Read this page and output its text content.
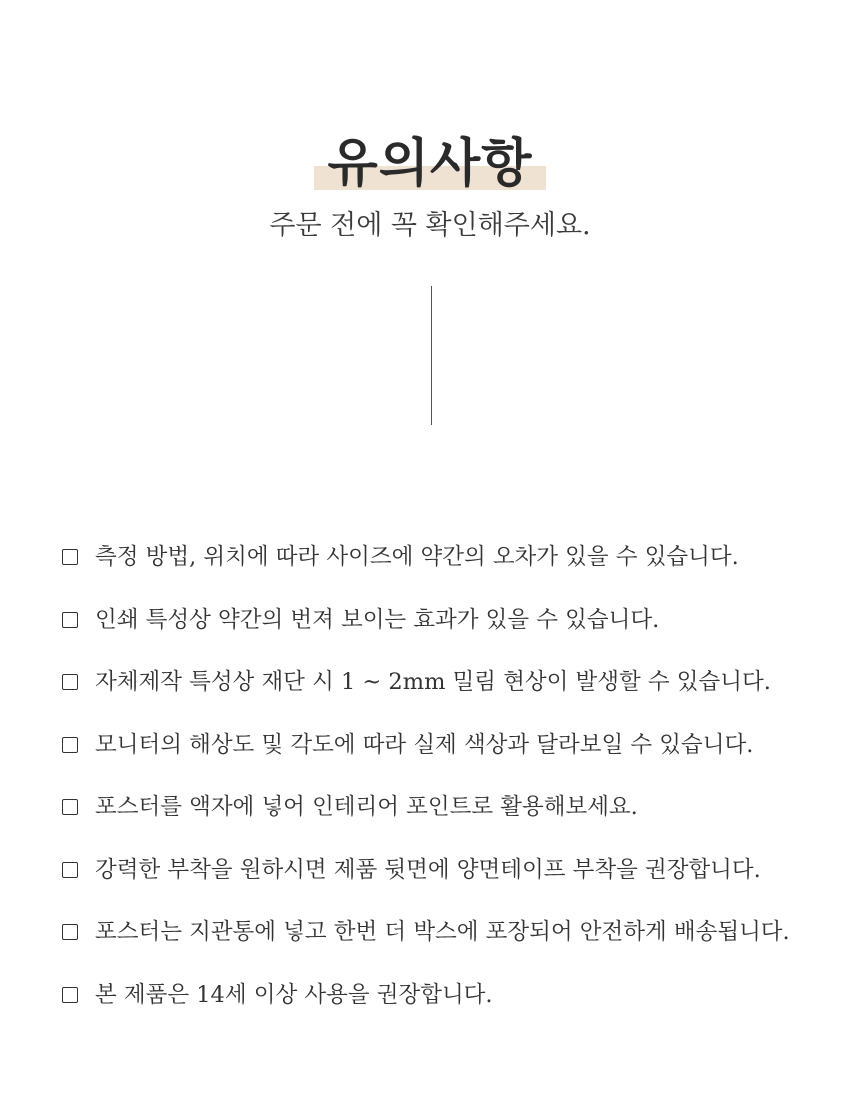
유의사항
주문 전에 꼭 확인해주세요.
측정 방법, 위치에 따라 사이즈에 약간의 오차가 있을 수 있습니다.
인쇄 특성상 약간의 번져 보이는 효과가 있을 수 있습니다.
자체제작 특성상 재단 시 1 ~ 2mm 밀림 현상이 발생할 수 있습니다.
모니터의 해상도 및 각도에 따라 실제 색상과 달라보일 수 있습니다.
포스터를 액자에 넣어 인테리어 포인트로 활용해보세요.
강력한 부착을 원하시면 제품 뒷면에 양면테이프 부착을 권장합니다.
포스터는 지관통에 넣고 한번 더 박스에 포장되어 안전하게 배송됩니다.
본 제품은 14세 이상 사용을 권장합니다.
